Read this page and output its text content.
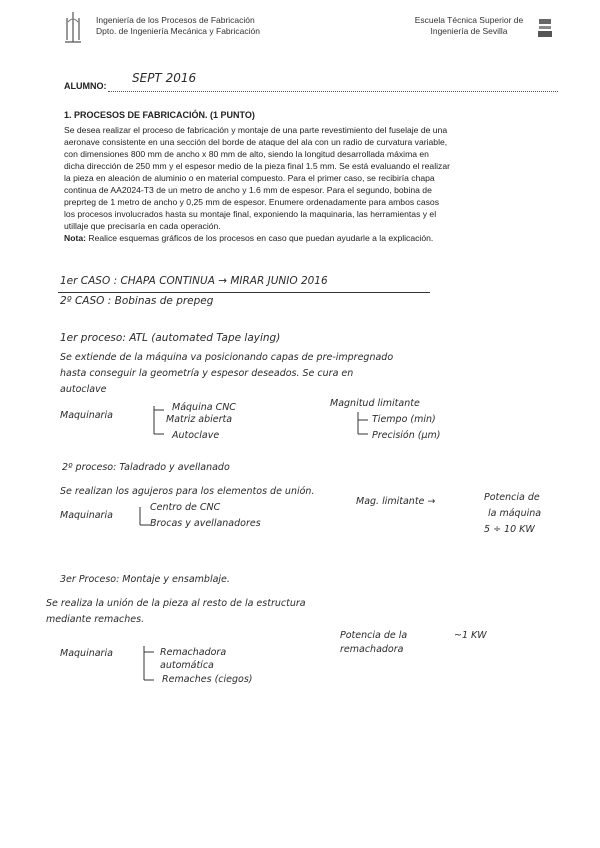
Ingeniería de los Procesos de Fabricación
Dpto. de Ingeniería Mecánica y Fabricación
Escuela Técnica Superior de
Ingeniería de Sevilla
ALUMNO:
SEPT 2016
1. PROCESOS DE FABRICACIÓN. (1 PUNTO)
Se desea realizar el proceso de fabricación y montaje de una parte revestimiento del fuselaje de una
aeronave consistente en una sección del borde de ataque del ala con un radio de curvatura variable,
con dimensiones 800 mm de ancho x 80 mm de alto, siendo la longitud desarrollada máxima en
dicha dirección de 250 mm y el espesor medio de la pieza final 1.5 mm. Se está evaluando el realizar
la pieza en aleación de aluminio o en material compuesto. Para el primer caso, se recibiría chapa
continua de AA2024-T3 de un metro de ancho y 1.6 mm de espesor. Para el segundo, bobina de
preprteg de 1 metro de ancho y 0,25 mm de espesor. Enumere ordenadamente para ambos casos
los procesos involucrados hasta su montaje final, exponiendo la maquinaria, las herramientas y el
utillaje que precisaría en cada operación.
Nota: Realice esquemas gráficos de los procesos en caso que puedan ayudarle a la explicación.
1er CASO : CHAPA CONTINUA → MIRAR JUNIO 2016
2º CASO : Bobinas de prepeg
1er proceso: ATL (automated Tape laying)
Se extiende de la máquina va posicionando capas de pre-impregnado
hasta conseguir la geometría y espesor deseados. Se cura en
autoclave
Maquinaria
Máquina CNC
Matriz abierta
Autoclave
Magnitud limitante
Tiempo (min)
Precisión (μm)
2º proceso: Taladrado y avellanado
Se realizan los agujeros para los elementos de unión.
Maquinaria
Centro de CNC
Brocas y avellanadores
Mag. limitante →	Potencia de
la máquina
5 ÷ 10 KW
3er Proceso: Montaje y ensamblaje.
Se realiza la unión de la pieza al resto de la estructura
mediante remaches.
Maquinaria	Remachadora automática
Remaches (ciegos)
Potencia de la
remachadora
~1 KW
